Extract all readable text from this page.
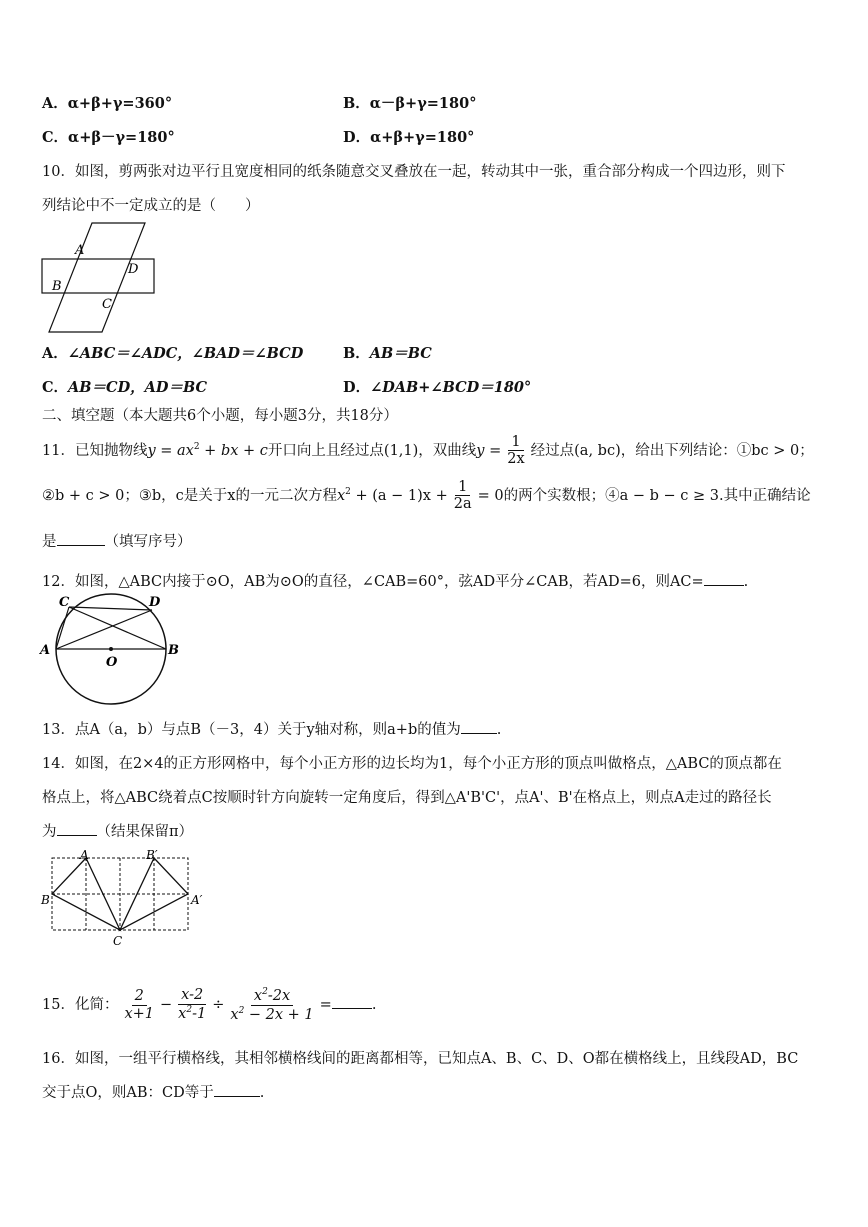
A．α+β+γ=360°	B．α－β+γ=180°
C．α+β－γ=180°	D．α+β+γ=180°
10．如图，剪两张对边平行且宽度相同的纸条随意交叉叠放在一起，转动其中一张，重合部分构成一个四边形，则下
列结论中不一定成立的是（　　）
A
B
C
D
A．∠ABC＝∠ADC，∠BAD＝∠BCD	B．AB＝BC
C．AB＝CD，AD＝BC	D．∠DAB+∠BCD＝180°
二、填空题（本大题共6个小题，每小题3分，共18分）
11．已知抛物线$y = ax^2$ + bx + c开口向上且经过点(1,1)，双曲线$y = \frac{1}{2x}$ 经过点(a, bc)，给出下列结论：①bc > 0；
②b + c > 0；③b，c是关于x的一元二次方程$x^2 + (a - 1)x + \frac{1}{2a} = 0$的两个实数根；④a − b − c ≥ 3.其中正确结论
是	（填写序号）
12．如图，△ABC内接于⊙O，AB为⊙O的直径，∠CAB=60°，弦AD平分∠CAB，若AD=6，则AC=	.
C	D
A	B
O
13．点A（a，b）与点B（－3，4）关于y轴对称，则a+b的值为 .
14．如图，在2×4的正方形网格中，每个小正方形的边长均为1，每个小正方形的顶点叫做格点，△ABC的顶点都在
格点上，将△ABC绕着点C按顺时针方向旋转一定角度后，得到△A'B'C'，点A'、B'在格点上，则点A走过的路径长
为	（结果保留π）
A
B
C
B′
A′
15．化简： $\frac{2}{x+1} - \frac{x-2}{x^2-1} \div \frac{x^2-2x}{x^2 - 2x + 1}$ =	.
16．如图，一组平行横格线，其相邻横格线间的距离都相等，已知点A、B、C、D、O都在横格线上，且线段AD，BC
交于点O，则AB：CD等于	.
